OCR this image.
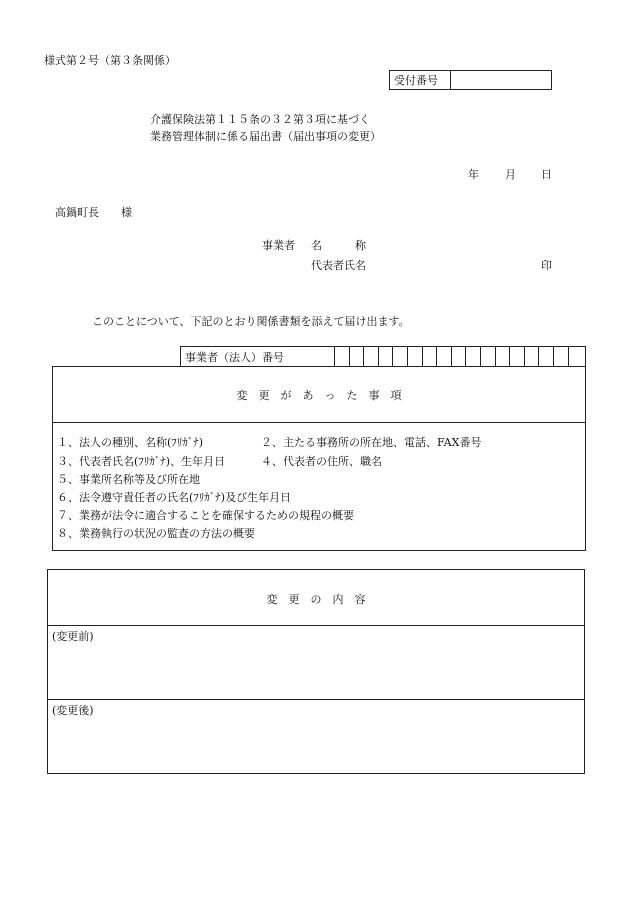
様式第２号（第３条関係）
受付番号
介護保険法第１１５条の３２第３項に基づく
業務管理体制に係る届出書（届出事項の変更）
年 月 日
高鍋町長　　様
事業者 名　　　称
代表者氏名	印
このことについて、下記のとおり関係書類を添えて届け出ます。
事業者（法人）番号
変　更　が　あ　っ　た　事　項
１、法人の種別、名称(ﾌﾘｶﾞﾅ)	２、主たる事務所の所在地、電話、FAX番号
３、代表者氏名(ﾌﾘｶﾞﾅ)、生年月日	４、代表者の住所、職名
５、事業所名称等及び所在地
６、法令遵守責任者の氏名(ﾌﾘｶﾞﾅ)及び生年月日
７、業務が法令に適合することを確保するための規程の概要
８、業務執行の状況の監査の方法の概要
変　更　の　内　容
(変更前)
(変更後)
